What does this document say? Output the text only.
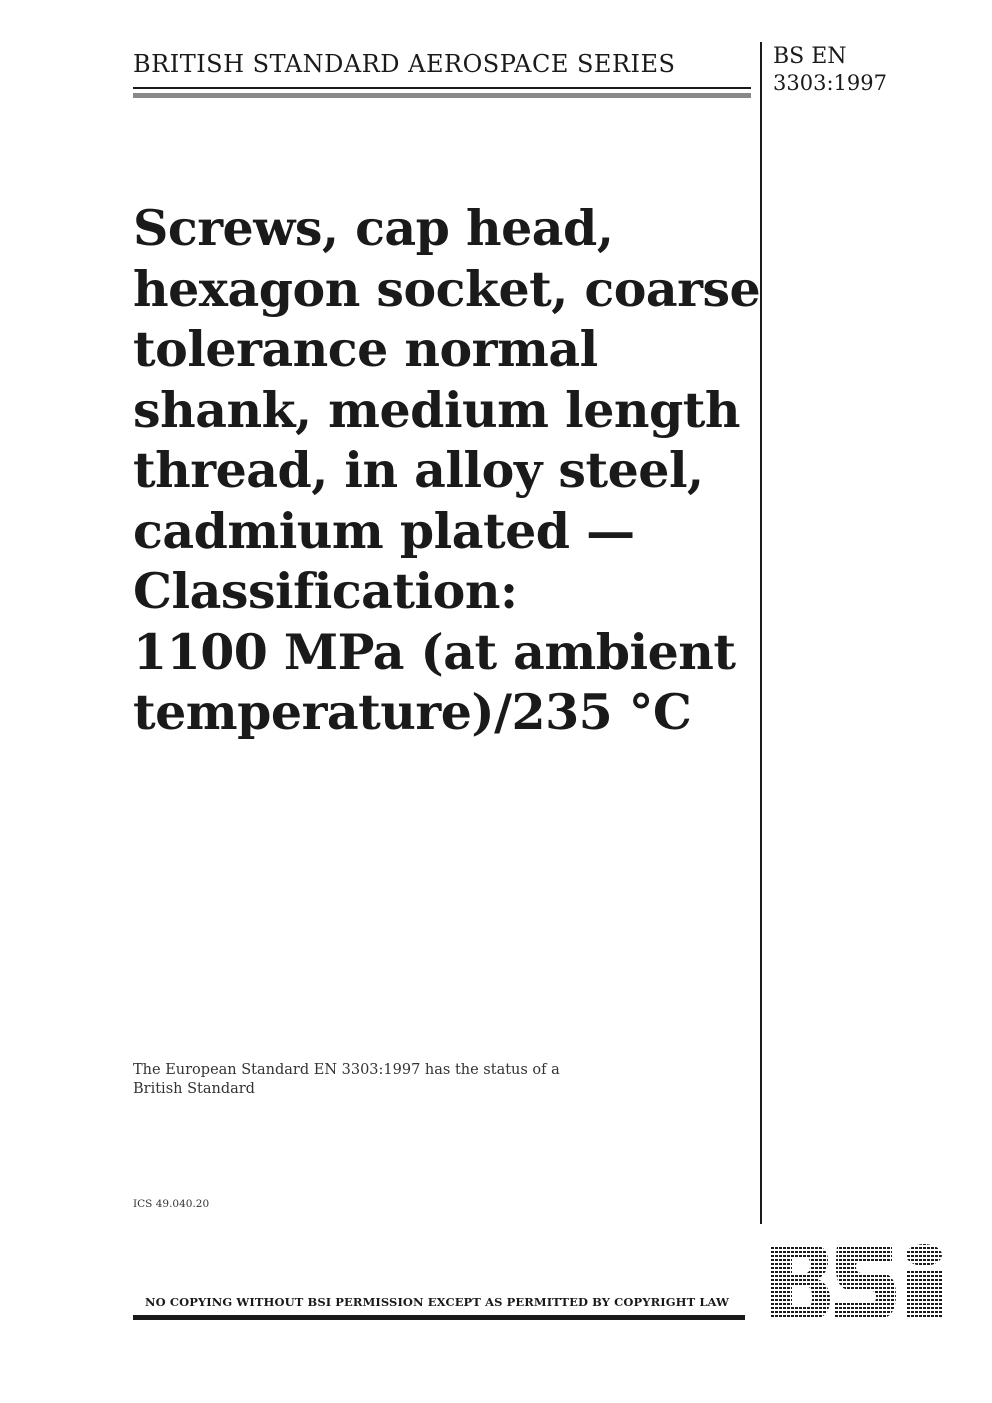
BRITISH STANDARD AEROSPACE SERIES	BS EN
3303:1997
Screws, cap head,
hexagon socket, coarse
tolerance normal
shank, medium length
thread, in alloy steel,
cadmium plated —
Classification:
1100 MPa (at ambient
temperature)/235 °C
The European Standard EN 3303:1997 has the status of a
British Standard
ICS 49.040.20
NO COPYING WITHOUT BSI PERMISSION EXCEPT AS PERMITTED BY COPYRIGHT LAW
